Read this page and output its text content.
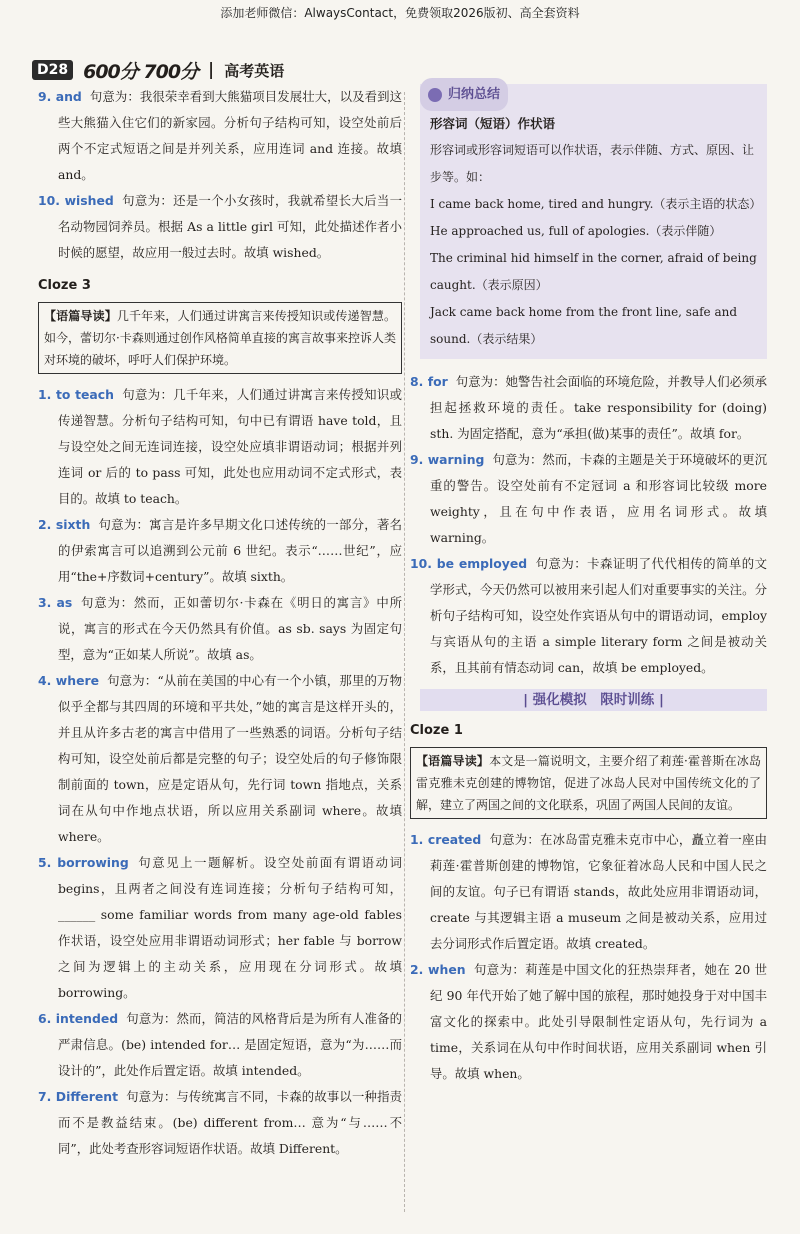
添加老师微信：AlwaysContact，免费领取2026版初、高全套资料
D28 600分 700分 | 高考英语

9. and 句意为：我很荣幸看到大熊猫项目发展壮大，以及看到这些大熊猫入住它们的新家园。分析句子结构可知，设空处前后两个不定式短语之间是并列关系，应用连词 and 连接。故填 and。

10. wished 句意为：还是一个小女孩时，我就希望长大后当一名动物园饲养员。根据 As a little girl 可知，此处描述作者小时候的愿望，故应用一般过去时。故填 wished。

Cloze 3
【语篇导读】几千年来，人们通过讲寓言来传授知识或传递智慧。如今，蕾切尔·卡森则通过创作风格简单直接的寓言故事来控诉人类对环境的破坏，呼吁人们保护环境。

1. to teach 句意为：几千年来，人们通过讲寓言来传授知识或传递智慧。分析句子结构可知，句中已有谓语 have told，且与设空处之间无连词连接，设空处应填非谓语动词；根据并列连词 or 后的 to pass 可知，此处也应用动词不定式形式，表目的。故填 to teach。

2. sixth 句意为：寓言是许多早期文化口述传统的一部分，著名的伊索寓言可以追溯到公元前 6 世纪。表示“……世纪”，应用“the+序数词+century”。故填 sixth。

3. as 句意为：然而，正如蕾切尔·卡森在《明日的寓言》中所说，寓言的形式在今天仍然具有价值。as sb. says 为固定句型，意为“正如某人所说”。故填 as。

4. where 句意为：“从前在美国的中心有一个小镇，那里的万物似乎全都与其四周的环境和平共处，”她的寓言是这样开头的，并且从许多古老的寓言中借用了一些熟悉的词语。分析句子结构可知，设空处前后都是完整的句子；设空处后的句子修饰限制前面的 town，应是定语从句，先行词 town 指地点，关系词在从句中作地点状语，所以应用关系副词 where。故填 where。

5. borrowing 句意见上一题解析。设空处前面有谓语动词 begins，且两者之间没有连词连接；分析句子结构可知，______ some familiar words from many age-old fables 作状语，设空处应用非谓语动词形式；her fable 与 borrow 之间为逻辑上的主动关系，应用现在分词形式。故填 borrowing。

6. intended 句意为：然而，简洁的风格背后是为所有人准备的严肃信息。(be) intended for… 是固定短语，意为“为……而设计的”，此处作后置定语。故填 intended。

7. Different 句意为：与传统寓言不同，卡森的故事以一种指责而不是教益结束。(be) different from… 意为“与……不同”，此处考查形容词短语作状语。故填 Different。

归纳总结
形容词（短语）作状语
形容词或形容词短语可以作状语，表示伴随、方式、原因、让步等。如：
I came back home, tired and hungry.（表示主语的状态）
He approached us, full of apologies.（表示伴随）
The criminal hid himself in the corner, afraid of being caught.（表示原因）
Jack came back home from the front line, safe and sound.（表示结果）

8. for 句意为：她警告社会面临的环境危险，并教导人们必须承担起拯救环境的责任。take responsibility for (doing) sth. 为固定搭配，意为“承担(做)某事的责任”。故填 for。

9. warning 句意为：然而，卡森的主题是关于环境破坏的更沉重的警告。设空处前有不定冠词 a 和形容词比较级 more weighty，且在句中作表语，应用名词形式。故填 warning。

10. be employed 句意为：卡森证明了代代相传的简单的文学形式，今天仍然可以被用来引起人们对重要事实的关注。分析句子结构可知，设空处作宾语从句中的谓语动词，employ 与宾语从句的主语 a simple literary form 之间是被动关系，且其前有情态动词 can，故填 be employed。

| 强化模拟　限时训练 |
Cloze 1
【语篇导读】本文是一篇说明文，主要介绍了莉莲·霍普斯在冰岛雷克雅未克创建的博物馆，促进了冰岛人民对中国传统文化的了解，建立了两国之间的文化联系，巩固了两国人民间的友谊。

1. created 句意为：在冰岛雷克雅未克市中心，矗立着一座由莉莲·霍普斯创建的博物馆，它象征着冰岛人民和中国人民之间的友谊。句子已有谓语 stands，故此处应用非谓语动词，create 与其逻辑主语 a museum 之间是被动关系，应用过去分词形式作后置定语。故填 created。

2. when 句意为：莉莲是中国文化的狂热崇拜者，她在 20 世纪 90 年代开始了她了解中国的旅程，那时她投身于对中国丰富文化的探索中。此处引导限制性定语从句，先行词为 a time，关系词在从句中作时间状语，应用关系副词 when 引导。故填 when。
